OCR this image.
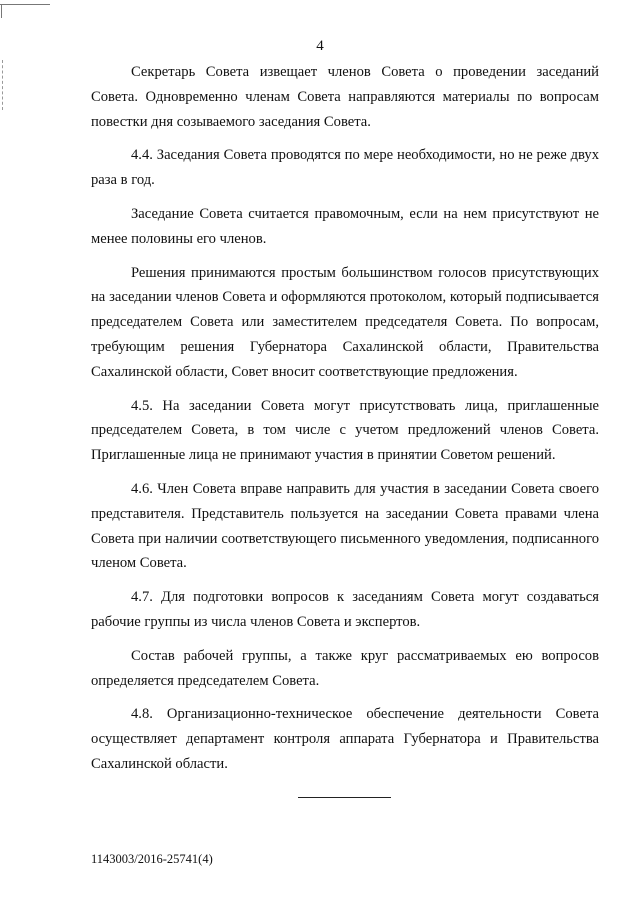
4

Секретарь Совета извещает членов Совета о проведении заседаний Совета. Одновременно членам Совета направляются материалы по вопросам повестки дня созываемого заседания Совета.

4.4. Заседания Совета проводятся по мере необходимости, но не реже двух раза в год.

Заседание Совета считается правомочным, если на нем присутствуют не менее половины его членов.

Решения принимаются простым большинством голосов присутствующих на заседании членов Совета и оформляются протоколом, который подписывается председателем Совета или заместителем председателя Совета. По вопросам, требующим решения Губернатора Сахалинской области, Правительства Сахалинской области, Совет вносит соответствующие предложения.

4.5. На заседании Совета могут присутствовать лица, приглашенные председателем Совета, в том числе с учетом предложений членов Совета. Приглашенные лица не принимают участия в принятии Советом решений.

4.6. Член Совета вправе направить для участия в заседании Совета своего представителя. Представитель пользуется на заседании Совета правами члена Совета при наличии соответствующего письменного уведомления, подписанного членом Совета.

4.7. Для подготовки вопросов к заседаниям Совета могут создаваться рабочие группы из числа членов Совета и экспертов.

Состав рабочей группы, а также круг рассматриваемых ею вопросов определяется председателем Совета.

4.8. Организационно-техническое обеспечение деятельности Совета осуществляет департамент контроля аппарата Губернатора и Правительства Сахалинской области.

1143003/2016-25741(4)
